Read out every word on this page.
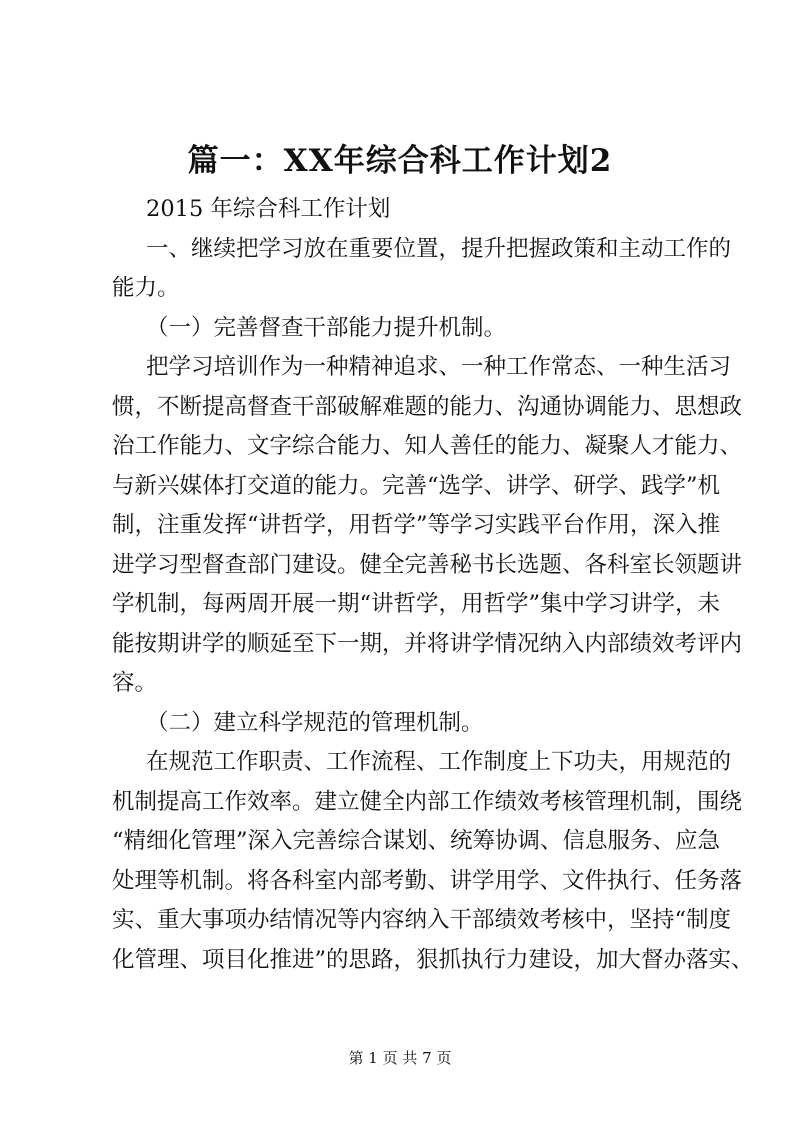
篇一：XX年综合科工作计划2

2015 年综合科工作计划

一、继续把学习放在重要位置，提升把握政策和主动工作的

能力。

（一）完善督查干部能力提升机制。

把学习培训作为一种精神追求、一种工作常态、一种生活习

惯，不断提高督查干部破解难题的能力、沟通协调能力、思想政

治工作能力、文字综合能力、知人善任的能力、凝聚人才能力、

与新兴媒体打交道的能力。完善“选学、讲学、研学、践学”机

制，注重发挥“讲哲学，用哲学”等学习实践平台作用，深入推

进学习型督查部门建设。健全完善秘书长选题、各科室长领题讲

学机制，每两周开展一期“讲哲学，用哲学”集中学习讲学，未

能按期讲学的顺延至下一期，并将讲学情况纳入内部绩效考评内

容。

（二）建立科学规范的管理机制。

在规范工作职责、工作流程、工作制度上下功夫，用规范的

机制提高工作效率。建立健全内部工作绩效考核管理机制，围绕

“精细化管理”深入完善综合谋划、统筹协调、信息服务、应急

处理等机制。将各科室内部考勤、讲学用学、文件执行、任务落

实、重大事项办结情况等内容纳入干部绩效考核中，坚持“制度

化管理、项目化推进”的思路，狠抓执行力建设，加大督办落实、

第 1 页 共 7 页
